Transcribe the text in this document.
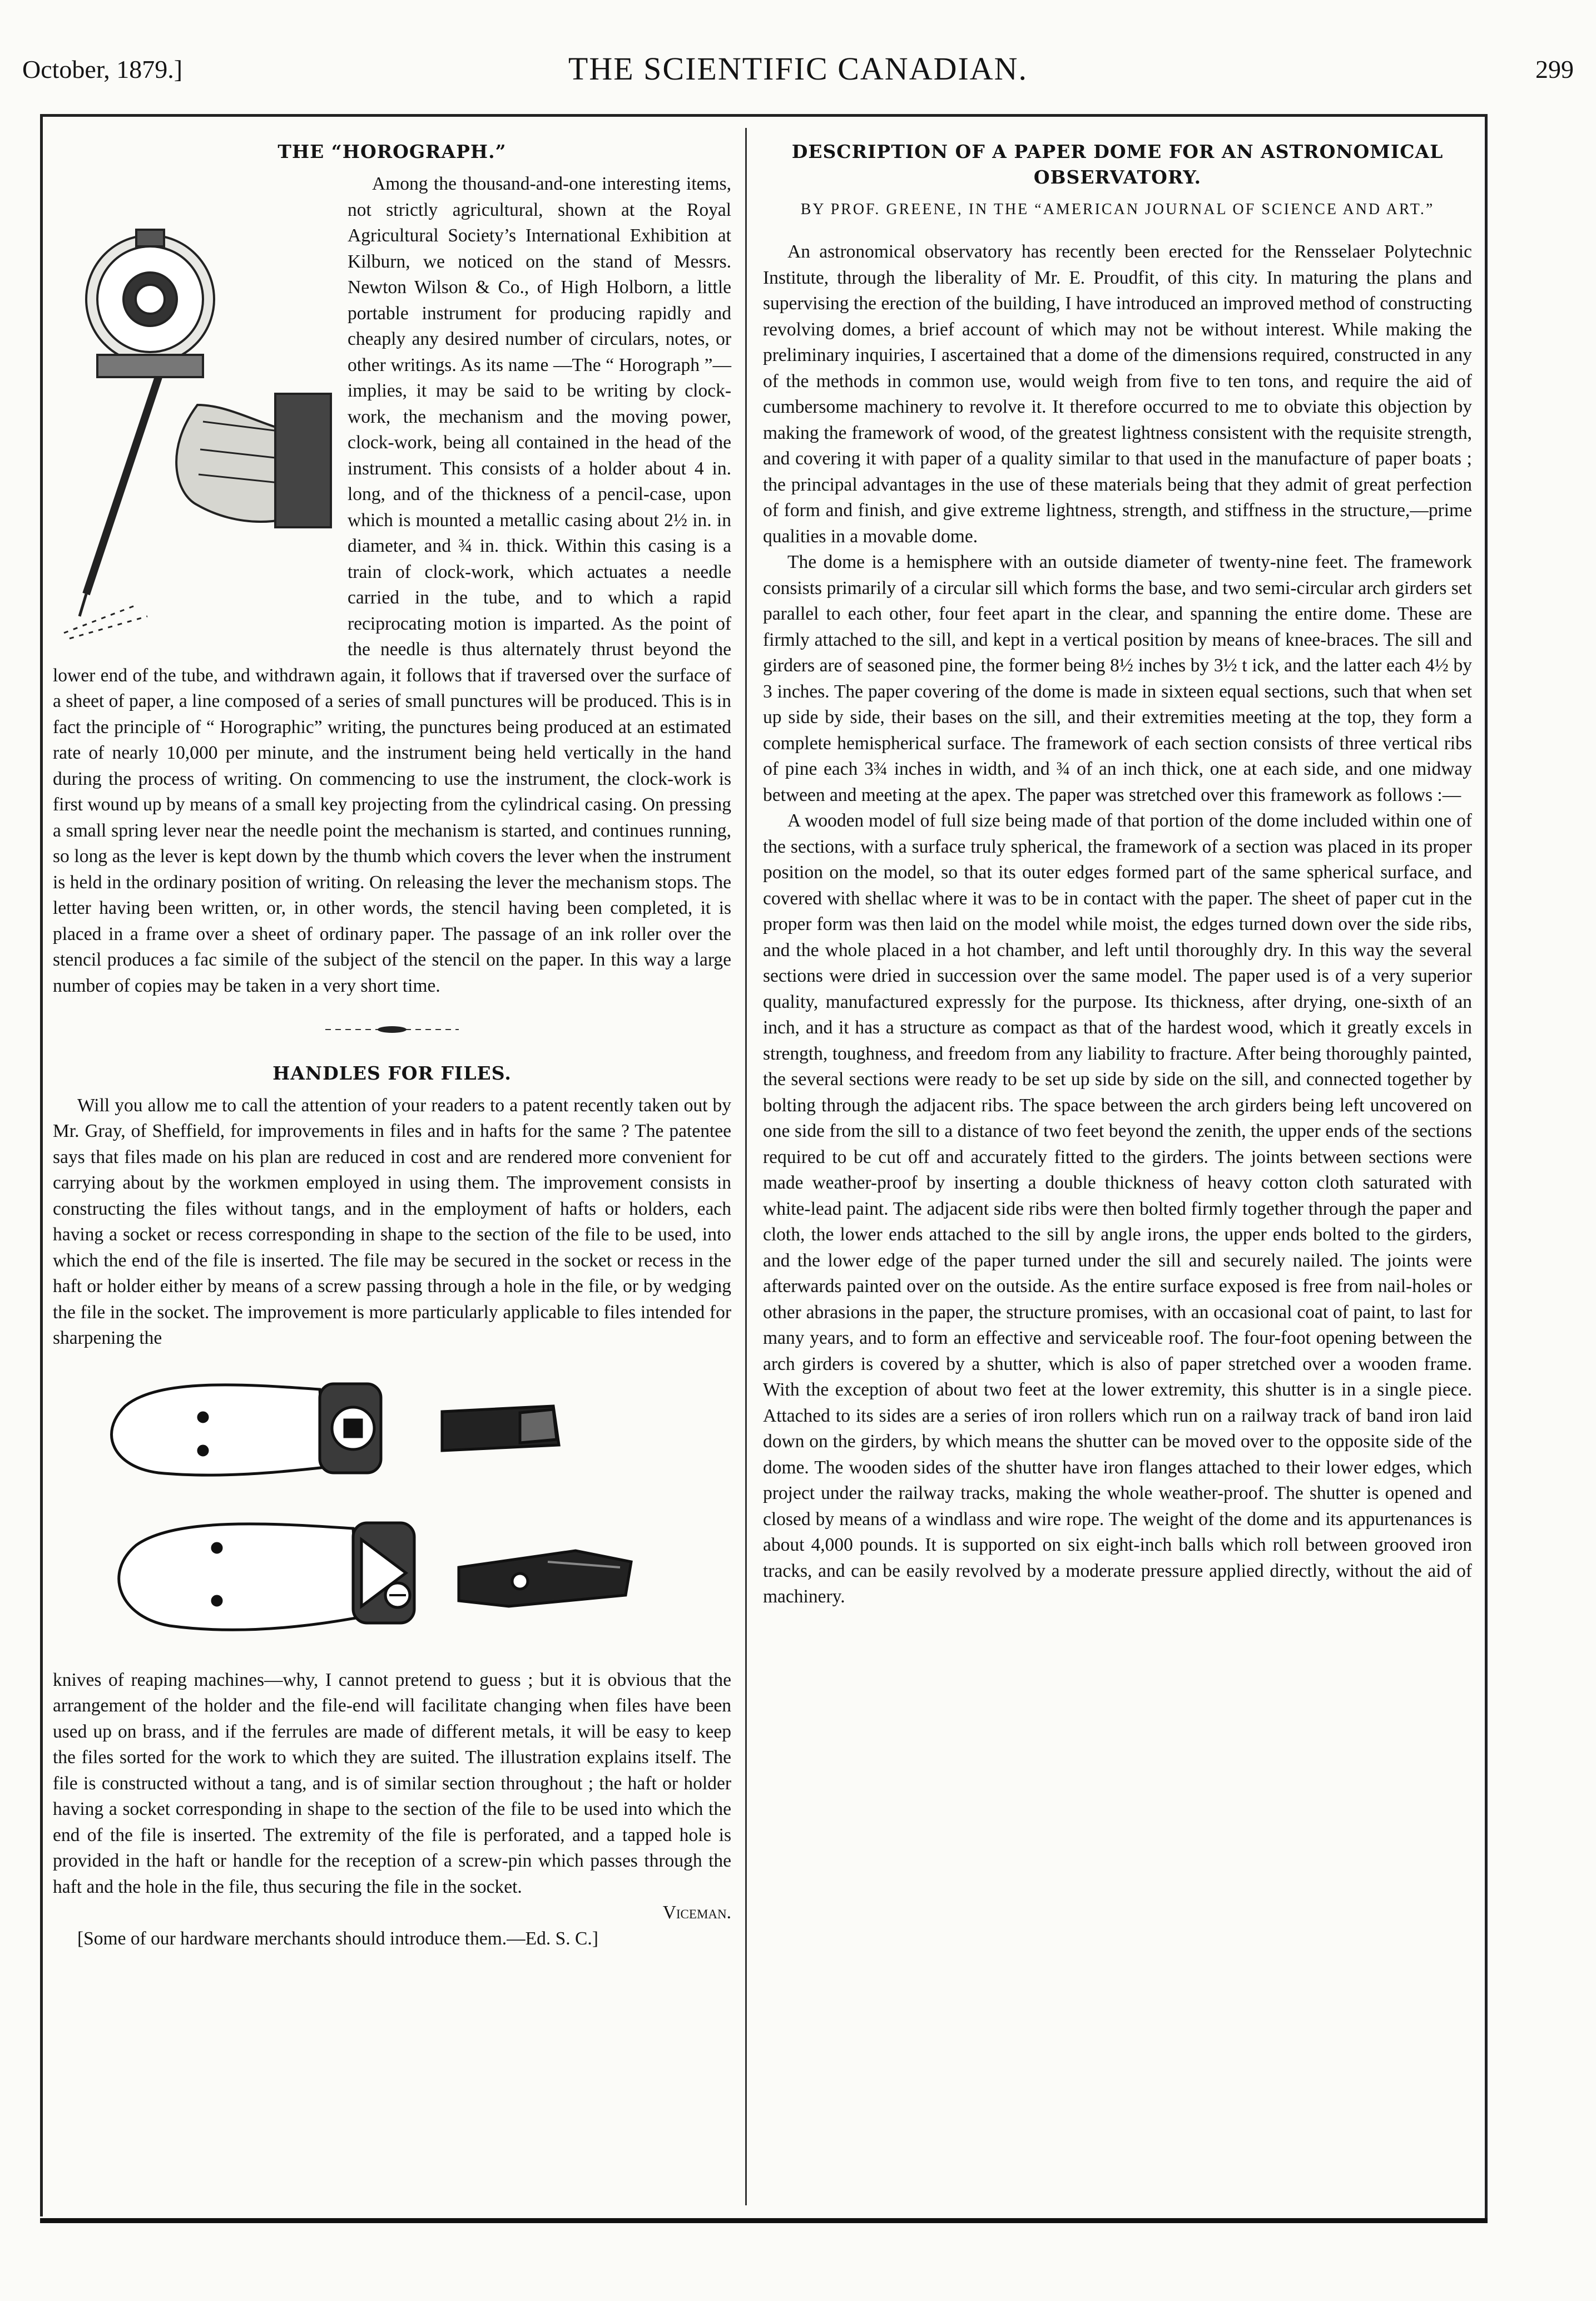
October, 1879.]	THE SCIENTIFIC CANADIAN.	299
THE “HOROGRAPH.”

Among the thousand-and-one interesting items, not strictly agricultural, shown at the Royal Agricultural Society’s International Exhibition at Kilburn, we noticed on the stand of Messrs. Newton Wilson & Co., of High Holborn, a little portable instrument for producing rapidly and cheaply any desired number of circulars, notes, or other writings. As its name —The “ Horograph ”—implies, it may be said to be writing by clock-work, the mechanism and the moving power, clock-work, being all contained in the head of the instrument. This consists of a holder about 4 in. long, and of the thickness of a pencil-case, upon which is mounted a metallic casing about 2½ in. in diameter, and ¾ in. thick. Within this casing is a train of clock-work, which actuates a needle carried in the tube, and to which a rapid reciprocating motion is imparted. As the point of the needle is thus alternately thrust beyond the lower end of the tube, and withdrawn again, it follows that if traversed over the surface of a sheet of paper, a line composed of a series of small punctures will be produced. This is in fact the principle of “ Horographic” writing, the punctures being produced at an estimated rate of nearly 10,000 per minute, and the instrument being held vertically in the hand during the process of writing. On commencing to use the instrument, the clock-work is first wound up by means of a small key projecting from the cylindrical casing. On pressing a small spring lever near the needle point the mechanism is started, and continues running, so long as the lever is kept down by the thumb which covers the lever when the instrument is held in the ordinary position of writing. On releasing the lever the mechanism stops. The letter having been written, or, in other words, the stencil having been completed, it is placed in a frame over a sheet of ordinary paper. The passage of an ink roller over the stencil produces a fac simile of the subject of the stencil on the paper. In this way a large number of copies may be taken in a very short time.

HANDLES FOR FILES.

Will you allow me to call the attention of your readers to a patent recently taken out by Mr. Gray, of Sheffield, for improvements in files and in hafts for the same ? The patentee says that files made on his plan are reduced in cost and are rendered more convenient for carrying about by the workmen employed in using them. The improvement consists in constructing the files without tangs, and in the employment of hafts or holders, each having a socket or recess corresponding in shape to the section of the file to be used, into which the end of the file is inserted. The file may be secured in the socket or recess in the haft or holder either by means of a screw passing through a hole in the file, or by wedging the file in the socket. The improvement is more particularly applicable to files intended for sharpening the

knives of reaping machines—why, I cannot pretend to guess ; but it is obvious that the arrangement of the holder and the file-end will facilitate changing when files have been used up on brass, and if the ferrules are made of different metals, it will be easy to keep the files sorted for the work to which they are suited. The illustration explains itself. The file is constructed without a tang, and is of similar section throughout ; the haft or holder having a socket corresponding in shape to the section of the file to be used into which the end of the file is inserted. The extremity of the file is perforated, and a tapped hole is provided in the haft or handle for the reception of a screw-pin which passes through the haft and the hole in the file, thus securing the file in the socket.

Viceman.

[Some of our hardware merchants should introduce them.—Ed. S. C.]

DESCRIPTION OF A PAPER DOME FOR AN ASTRONOMICAL OBSERVATORY.
BY PROF. GREENE, IN THE “AMERICAN JOURNAL OF SCIENCE AND ART.”

An astronomical observatory has recently been erected for the Rensselaer Polytechnic Institute, through the liberality of Mr. E. Proudfit, of this city. In maturing the plans and supervising the erection of the building, I have introduced an improved method of constructing revolving domes, a brief account of which may not be without interest. While making the preliminary inquiries, I ascertained that a dome of the dimensions required, constructed in any of the methods in common use, would weigh from five to ten tons, and require the aid of cumbersome machinery to revolve it. It therefore occurred to me to obviate this objection by making the framework of wood, of the greatest lightness consistent with the requisite strength, and covering it with paper of a quality similar to that used in the manufacture of paper boats ; the principal advantages in the use of these materials being that they admit of great perfection of form and finish, and give extreme lightness, strength, and stiffness in the structure,—prime qualities in a movable dome.

The dome is a hemisphere with an outside diameter of twenty-nine feet. The framework consists primarily of a circular sill which forms the base, and two semi-circular arch girders set parallel to each other, four feet apart in the clear, and spanning the entire dome. These are firmly attached to the sill, and kept in a vertical position by means of knee-braces. The sill and girders are of seasoned pine, the former being 8½ inches by 3½ t ick, and the latter each 4½ by 3 inches. The paper covering of the dome is made in sixteen equal sections, such that when set up side by side, their bases on the sill, and their extremities meeting at the top, they form a complete hemispherical surface. The framework of each section consists of three vertical ribs of pine each 3¾ inches in width, and ¾ of an inch thick, one at each side, and one midway between and meeting at the apex. The paper was stretched over this framework as follows :—

A wooden model of full size being made of that portion of the dome included within one of the sections, with a surface truly spherical, the framework of a section was placed in its proper position on the model, so that its outer edges formed part of the same spherical surface, and covered with shellac where it was to be in contact with the paper. The sheet of paper cut in the proper form was then laid on the model while moist, the edges turned down over the side ribs, and the whole placed in a hot chamber, and left until thoroughly dry. In this way the several sections were dried in succession over the same model. The paper used is of a very superior quality, manufactured expressly for the purpose. Its thickness, after drying, one-sixth of an inch, and it has a structure as compact as that of the hardest wood, which it greatly excels in strength, toughness, and freedom from any liability to fracture. After being thoroughly painted, the several sections were ready to be set up side by side on the sill, and connected together by bolting through the adjacent ribs. The space between the arch girders being left uncovered on one side from the sill to a distance of two feet beyond the zenith, the upper ends of the sections required to be cut off and accurately fitted to the girders. The joints between sections were made weather-proof by inserting a double thickness of heavy cotton cloth saturated with white-lead paint. The adjacent side ribs were then bolted firmly together through the paper and cloth, the lower ends attached to the sill by angle irons, the upper ends bolted to the girders, and the lower edge of the paper turned under the sill and securely nailed. The joints were afterwards painted over on the outside. As the entire surface exposed is free from nail-holes or other abrasions in the paper, the structure promises, with an occasional coat of paint, to last for many years, and to form an effective and serviceable roof. The four-foot opening between the arch girders is covered by a shutter, which is also of paper stretched over a wooden frame. With the exception of about two feet at the lower extremity, this shutter is in a single piece. Attached to its sides are a series of iron rollers which run on a railway track of band iron laid down on the girders, by which means the shutter can be moved over to the opposite side of the dome. The wooden sides of the shutter have iron flanges attached to their lower edges, which project under the railway tracks, making the whole weather-proof. The shutter is opened and closed by means of a windlass and wire rope. The weight of the dome and its appurtenances is about 4,000 pounds. It is supported on six eight-inch balls which roll between grooved iron tracks, and can be easily revolved by a moderate pressure applied directly, without the aid of machinery.
